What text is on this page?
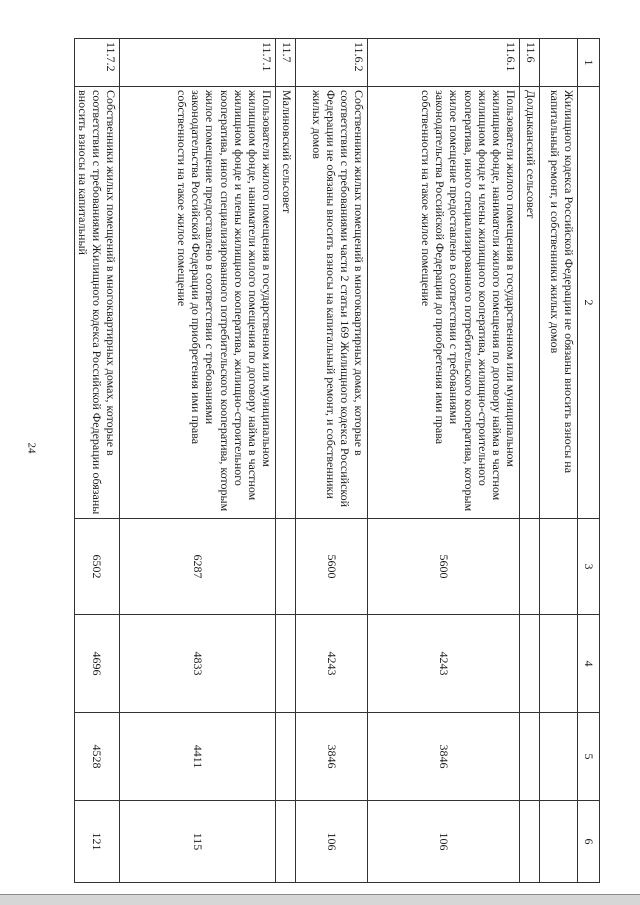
24
1	2	3	4	5	6
	Жилищного кодекса Российской Федерации не обязаны вносить взносы на капитальный ремонт, и собственники жилых домов				
11.6	Долдыканский сельсовет				
11.6.1	Пользователи жилого помещения в государственном или муниципальном жилищном фонде, наниматели жилого помещения по договору найма в частном жилищном фонде и члены жилищного кооператива, жилищно-строительного кооператива, иного специализированного потребительского кооператива, которым жилое помещение предоставлено в соответствии с требованиями законодательства Российской Федерации до приобретения ими права собственности на такое жилое помещение	5600	4243	3846	106
11.6.2	Собственники жилых помещений в многоквартирных домах, которые в соответствии с требованиями части 2 статьи 169 Жилищного кодекса Российской Федерации не обязаны вносить взносы на капитальный ремонт, и собственники жилых домов	5600	4243	3846	106
11.7	Малиновский сельсовет				
11.7.1	Пользователи жилого помещения в государственном или муниципальном жилищном фонде, наниматели жилого помещения по договору найма в частном жилищном фонде и члены жилищного кооператива, жилищно-строительного кооператива, иного специализированного потребительского кооператива, которым жилое помещение предоставлено в соответствии с требованиями законодательства Российской Федерации до приобретения ими права собственности на такое жилое помещение	6287	4833	4411	115
11.7.2	Собственники жилых помещений в многоквартирных домах, которые в соответствии с требованиями Жилищного кодекса Российской Федерации обязаны вносить взносы на капитальный	6502	4696	4528	121
